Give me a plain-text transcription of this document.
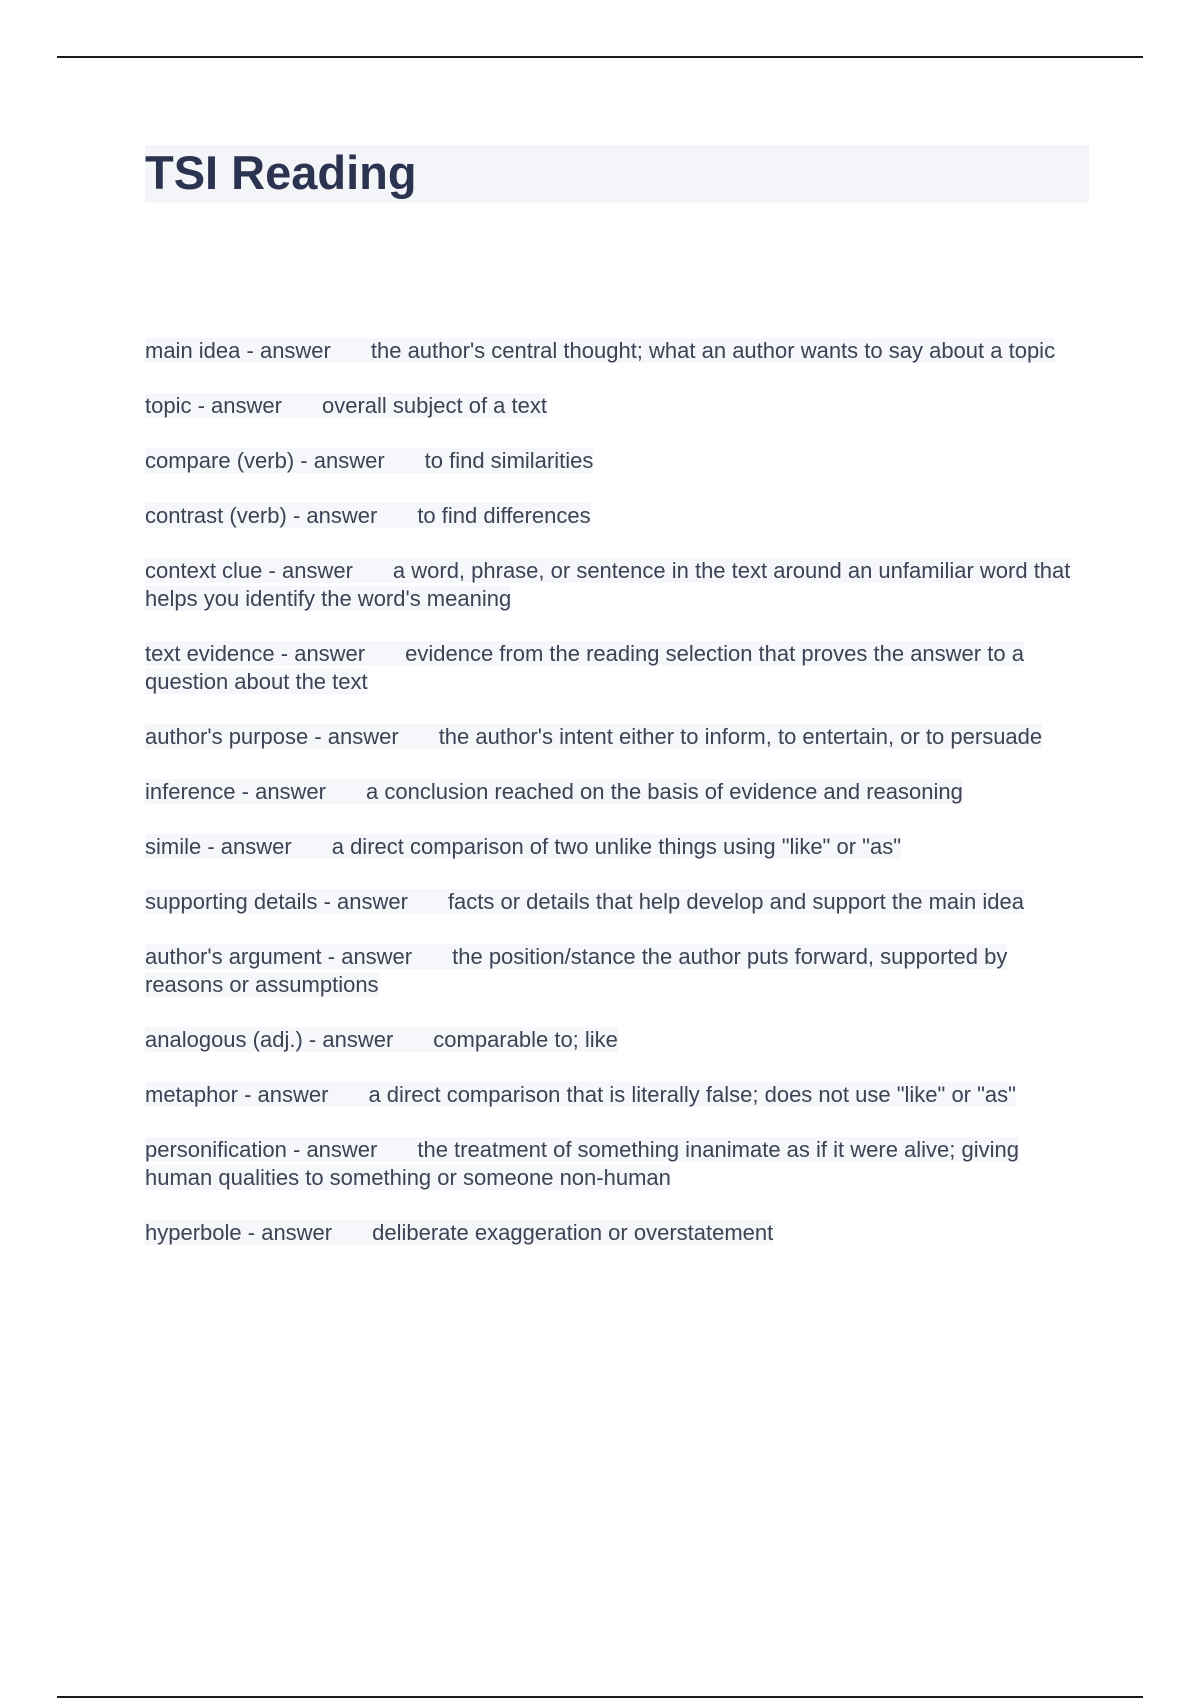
TSI Reading
main idea - answer the author's central thought; what an author wants to say about a topic
topic - answer overall subject of a text
compare (verb) - answer to find similarities
contrast (verb) - answer to find differences
context clue - answer a word, phrase, or sentence in the text around an unfamiliar word that helps you identify the word's meaning
text evidence - answer evidence from the reading selection that proves the answer to a question about the text
author's purpose - answer the author's intent either to inform, to entertain, or to persuade
inference - answer a conclusion reached on the basis of evidence and reasoning
simile - answer a direct comparison of two unlike things using "like" or "as"
supporting details - answer facts or details that help develop and support the main idea
author's argument - answer the position/stance the author puts forward, supported by reasons or assumptions
analogous (adj.) - answer comparable to; like
metaphor - answer a direct comparison that is literally false; does not use "like" or "as"
personification - answer the treatment of something inanimate as if it were alive; giving human qualities to something or someone non-human
hyperbole - answer deliberate exaggeration or overstatement
